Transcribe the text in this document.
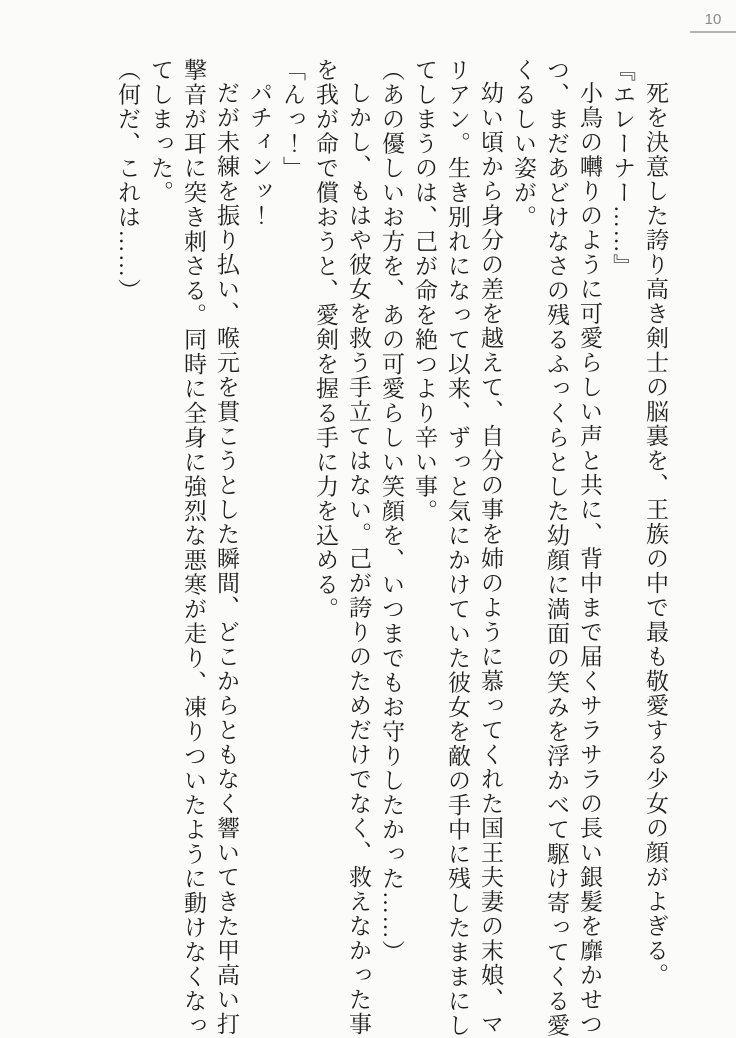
10

死を決意した誇り高き剣士の脳裏を、王族の中で最も敬愛する少女の顔がよぎる。

『エレーナー……』

小鳥の囀りのように可愛らしい声と共に、背中まで届くサラサラの長い銀髪を靡かせつつ、まだあどけなさの残るふっくらとした幼顔に満面の笑みを浮かべて駆け寄ってくる愛くるしい姿が。

幼い頃から身分の差を越えて、自分の事を姉のように慕ってくれた国王夫妻の末娘、マリアン。生き別れになって以来、ずっと気にかけていた彼女を敵の手中に残したままにしてしまうのは、己が命を絶つより辛い事。

（あの優しいお方を、あの可愛らしい笑顔を、いつまでもお守りしたかった……）

しかし、もはや彼女を救う手立てはない。己が誇りのためだけでなく、救えなかった事を我が命で償おうと、愛剣を握る手に力を込める。

「んっ！」

パチィンッ！

だが未練を振り払い、喉元を貫こうとした瞬間、どこからともなく響いてきた甲高い打撃音が耳に突き刺さる。同時に全身に強烈な悪寒が走り、凍りついたように動けなくなってしまった。

（何だ、これは……）
